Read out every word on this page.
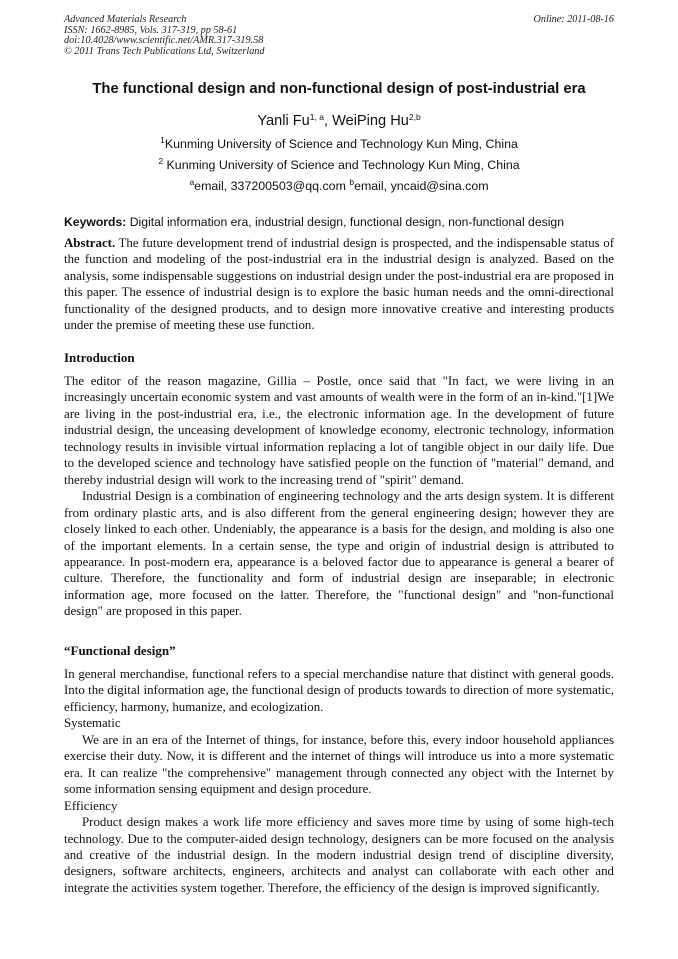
Advanced Materials Research
ISSN: 1662-8985, Vols. 317-319, pp 58-61
doi:10.4028/www.scientific.net/AMR.317-319.58
© 2011 Trans Tech Publications Ltd, Switzerland
Online: 2011-08-16
The functional design and non-functional design of post-industrial era
Yanli Fu$^{1, a}$, WeiPing Hu$^{2,b}$
$^1$Kunming University of Science and Technology Kun Ming, China
$^2$ Kunming University of Science and Technology Kun Ming, China
$^a$email, 337200503@qq.com $^b$email, yncaid@sina.com
Keywords: Digital information era, industrial design, functional design, non-functional design

Abstract. The future development trend of industrial design is prospected, and the indispensable status of the function and modeling of the post-industrial era in the industrial design is analyzed. Based on the analysis, some indispensable suggestions on industrial design under the post-industrial era are proposed in this paper. The essence of industrial design is to explore the basic human needs and the omni-directional functionality of the designed products, and to design more innovative creative and interesting products under the premise of meeting these use function.

Introduction

The editor of the reason magazine, Gillia – Postle, once said that "In fact, we were living in an increasingly uncertain economic system and vast amounts of wealth were in the form of an in-kind."[1]We are living in the post-industrial era, i.e., the electronic information age. In the development of future industrial design, the unceasing development of knowledge economy, electronic technology, information technology results in invisible virtual information replacing a lot of tangible object in our daily life. Due to the developed science and technology have satisfied people on the function of "material" demand, and thereby industrial design will work to the increasing trend of "spirit" demand.

Industrial Design is a combination of engineering technology and the arts design system. It is different from ordinary plastic arts, and is also different from the general engineering design; however they are closely linked to each other. Undeniably, the appearance is a basis for the design, and molding is also one of the important elements. In a certain sense, the type and origin of industrial design is attributed to appearance. In post-modern era, appearance is a beloved factor due to appearance is general a bearer of culture. Therefore, the functionality and form of industrial design are inseparable; in electronic information age, more focused on the latter. Therefore, the "functional design" and "non-functional design" are proposed in this paper.

“Functional design”

In general merchandise, functional refers to a special merchandise nature that distinct with general goods. Into the digital information age, the functional design of products towards to direction of more systematic, efficiency, harmony, humanize, and ecologization.

Systematic

We are in an era of the Internet of things, for instance, before this, every indoor household appliances exercise their duty. Now, it is different and the internet of things will introduce us into a more systematic era. It can realize "the comprehensive" management through connected any object with the Internet by some information sensing equipment and design procedure.

Efficiency

Product design makes a work life more efficiency and saves more time by using of some high-tech technology. Due to the computer-aided design technology, designers can be more focused on the analysis and creative of the industrial design. In the modern industrial design trend of discipline diversity, designers, software architects, engineers, architects and analyst can collaborate with each other and integrate the activities system together. Therefore, the efficiency of the design is improved significantly.
